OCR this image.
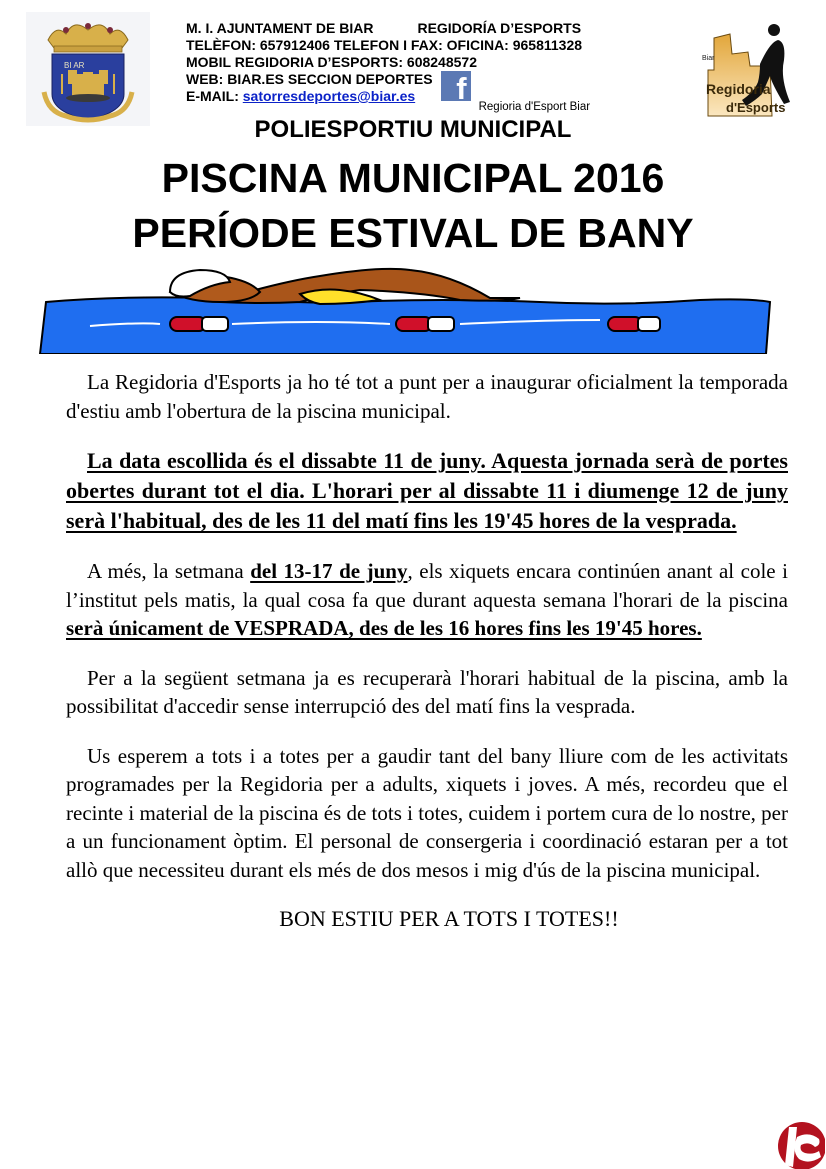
BI AR
M. I. AJUNTAMENT DE BIAR	REGIDORÍA D’ESPORTS
TELÈFON: 657912406 TELEFON I FAX: OFICINA: 965811328
MOBIL REGIDORIA D’ESPORTS: 608248572
WEB: BIAR.ES SECCION DEPORTES
E-MAIL: satorresdeportes@biar.es	f
Regioria d'Esport Biar
Biar
Regidoria
d'Esports
POLIESPORTIU MUNICIPAL
PISCINA MUNICIPAL 2016
PERÍODE ESTIVAL DE BANY

La Regidoria d'Esports ja ho té tot a punt per a inaugurar oficialment la temporada d'estiu amb l'obertura de la piscina municipal.

La data escollida és el dissabte 11 de juny. Aquesta jornada serà de portes obertes durant tot el dia. L'horari per al dissabte 11 i diumenge 12 de juny serà l'habitual, des de les 11 del matí fins les 19'45 hores de la vesprada.

A més, la setmana del 13-17 de juny, els xiquets encara continúen anant al cole i l’institut pels matis, la qual cosa fa que durant aquesta semana l'horari de la piscina serà únicament de VESPRADA, des de les 16 hores fins les 19'45 hores.

Per a la següent setmana ja es recuperarà l'horari habitual de la piscina, amb la possibilitat d'accedir sense interrupció des del matí fins la vesprada.

Us esperem a tots i a totes per a gaudir tant del bany lliure com de les activitats programades per la Regidoria per a adults, xiquets i joves. A més, recordeu que el recinte i material de la piscina és de tots i totes, cuidem i portem cura de lo nostre, per a un funcionament òptim. El personal de consergeria i coordinació estaran per a tot allò que necessiteu durant els més de dos mesos i mig d'ús de la piscina municipal.

BON ESTIU PER A TOTS I TOTES!!
